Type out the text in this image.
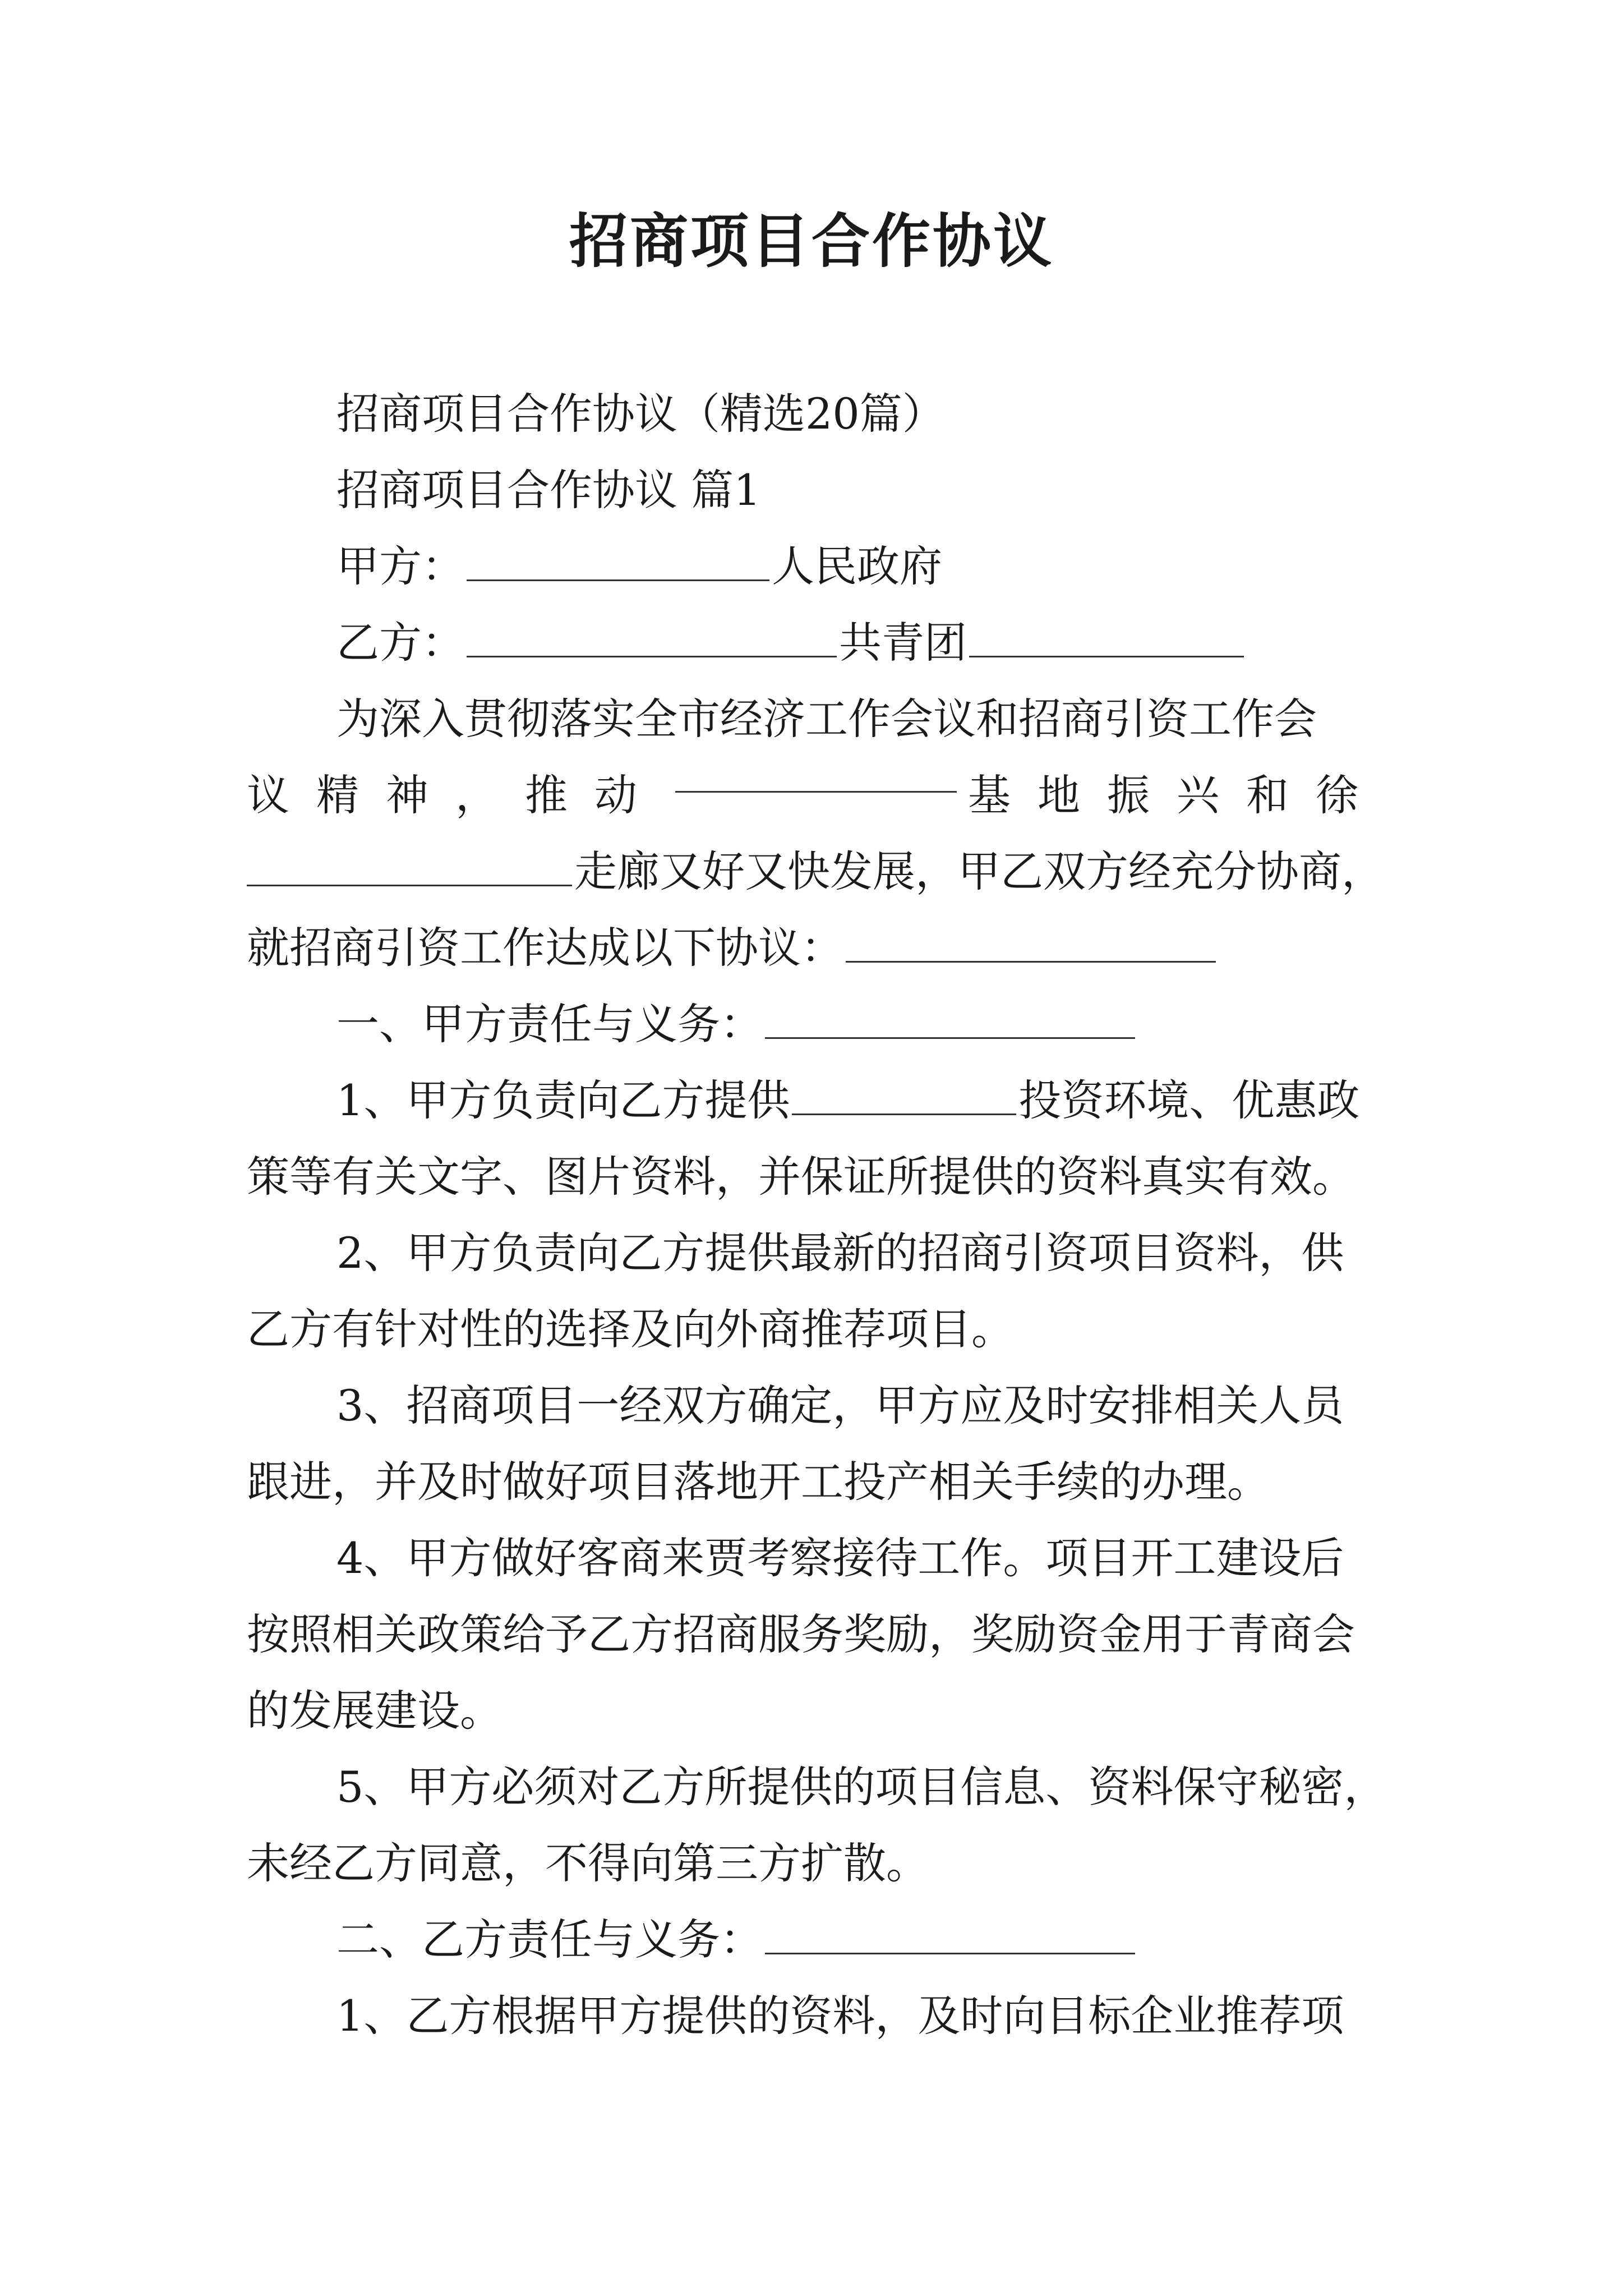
招商项目合作协议

招商项目合作协议（精选20篇）

招商项目合作协议 篇1

甲方：	人民政府

乙方：	共青团

为深入贯彻落实全市经济工作会议和招商引资工作会

议精神，推动	基地振兴和徐

走廊又好又快发展，甲乙双方经充分协商，

就招商引资工作达成以下协议：

一、甲方责任与义务：

1、甲方负责向乙方提供	投资环境、优惠政

策等有关文字、图片资料，并保证所提供的资料真实有效。

2、甲方负责向乙方提供最新的招商引资项目资料，供

乙方有针对性的选择及向外商推荐项目。

3、招商项目一经双方确定，甲方应及时安排相关人员

跟进，并及时做好项目落地开工投产相关手续的办理。

4、甲方做好客商来贾考察接待工作。项目开工建设后

按照相关政策给予乙方招商服务奖励，奖励资金用于青商会

的发展建设。

5、甲方必须对乙方所提供的项目信息、资料保守秘密，

未经乙方同意，不得向第三方扩散。

二、乙方责任与义务：

1、乙方根据甲方提供的资料，及时向目标企业推荐项
